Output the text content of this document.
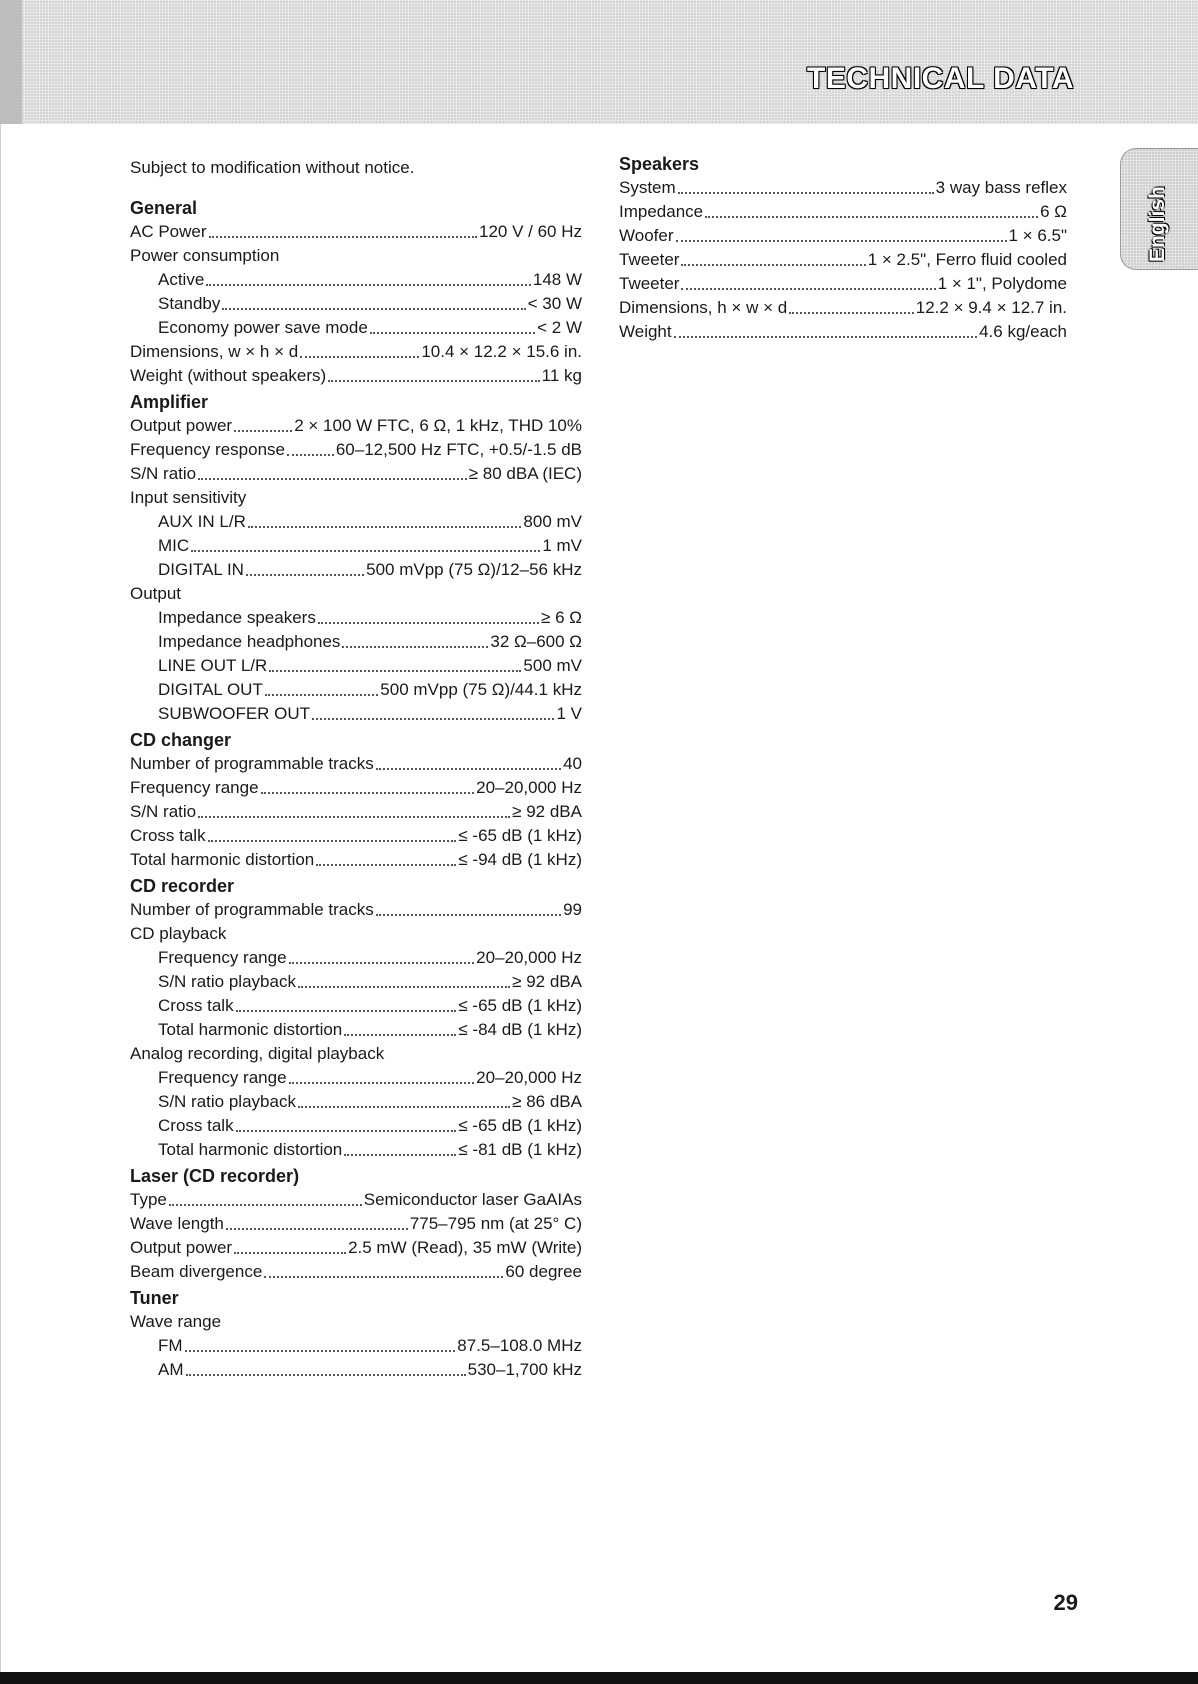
TECHNICAL DATA
English
Subject to modification without notice.
General
AC Power	120 V / 60 Hz
Power consumption
Active	148 W
Standby	< 30 W
Economy power save mode	< 2 W
Dimensions, w × h × d	10.4 × 12.2 × 15.6 in.
Weight (without speakers)	11 kg
Amplifier
Output power	2 × 100 W FTC, 6 Ω, 1 kHz, THD 10%
Frequency response	60–12,500 Hz FTC, +0.5/-1.5 dB
S/N ratio	≥ 80 dBA (IEC)
Input sensitivity
AUX IN L/R	800 mV
MIC	1 mV
DIGITAL IN	500 mVpp (75 Ω)/12–56 kHz
Output
Impedance speakers	≥ 6 Ω
Impedance headphones	32 Ω–600 Ω
LINE OUT L/R	500 mV
DIGITAL OUT	500 mVpp (75 Ω)/44.1 kHz
SUBWOOFER OUT	1 V
CD changer
Number of programmable tracks	40
Frequency range	20–20,000 Hz
S/N ratio	≥ 92 dBA
Cross talk	≤ -65 dB (1 kHz)
Total harmonic distortion	≤ -94 dB (1 kHz)
CD recorder
Number of programmable tracks	99
CD playback
Frequency range	20–20,000 Hz
S/N ratio playback	≥ 92 dBA
Cross talk	≤ -65 dB (1 kHz)
Total harmonic distortion	≤ -84 dB (1 kHz)
Analog recording, digital playback
Frequency range	20–20,000 Hz
S/N ratio playback	≥ 86 dBA
Cross talk	≤ -65 dB (1 kHz)
Total harmonic distortion	≤ -81 dB (1 kHz)
Laser (CD recorder)
Type	Semiconductor laser GaAIAs
Wave length	775–795 nm (at 25° C)
Output power	2.5 mW (Read), 35 mW (Write)
Beam divergence	60 degree
Tuner
Wave range
FM	87.5–108.0 MHz
AM	530–1,700 kHz
Speakers
System	3 way bass reflex
Impedance	6 Ω
Woofer	1 × 6.5"
Tweeter	1 × 2.5", Ferro fluid cooled
Tweeter	1 × 1", Polydome
Dimensions, h × w × d	12.2 × 9.4 × 12.7 in.
Weight	4.6 kg/each
29
